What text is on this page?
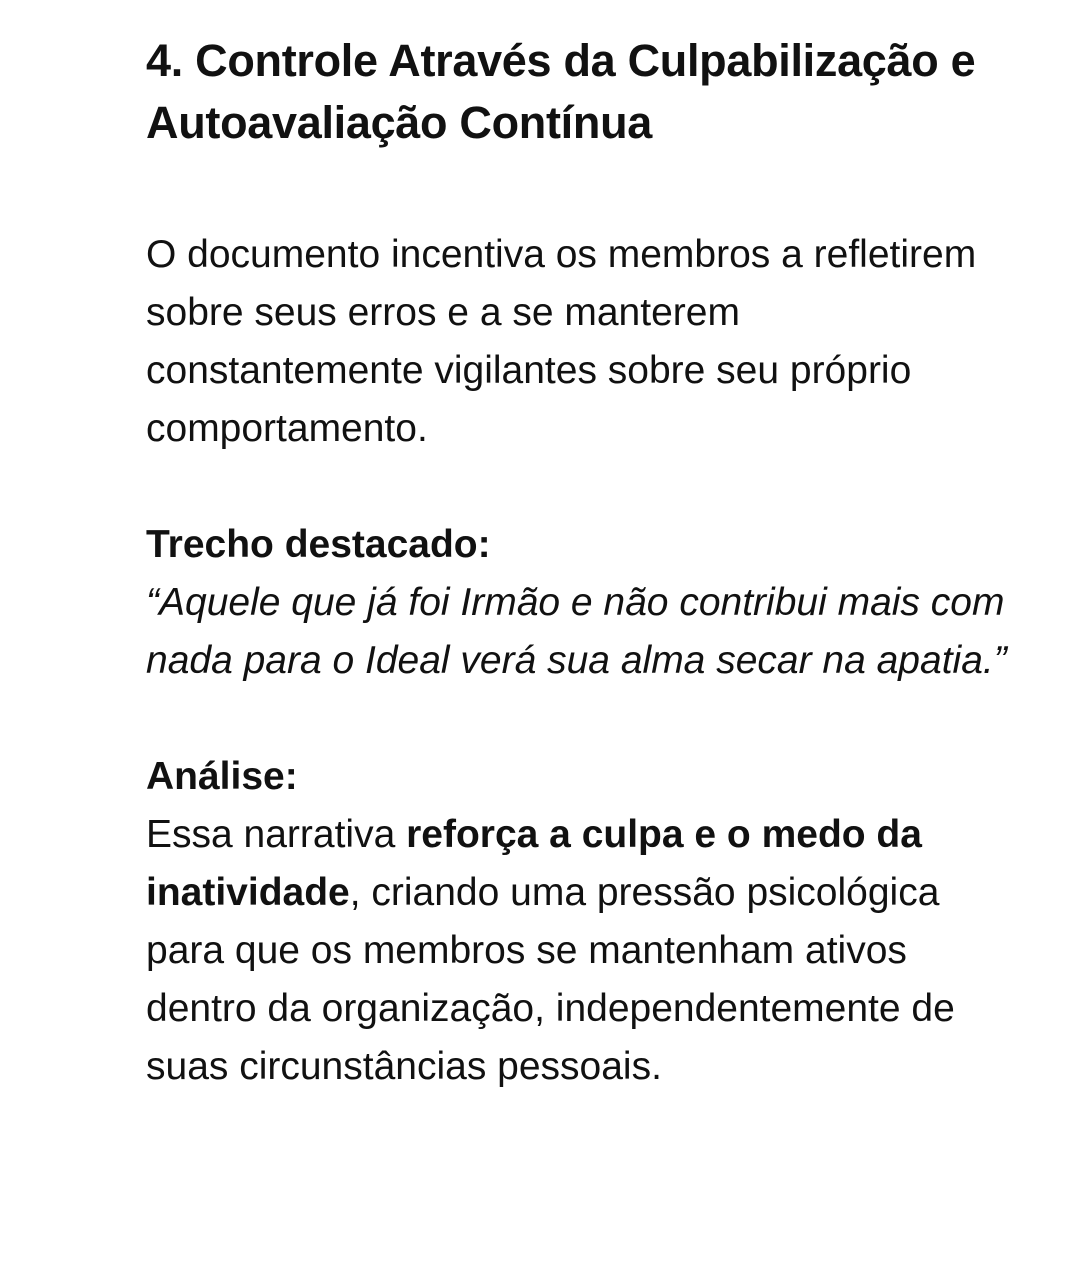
4. Controle Através da Culpabilização e Autoavaliação Contínua

O documento incentiva os membros a refletirem sobre seus erros e a se manterem constantemente vigilantes sobre seu próprio comportamento.

Trecho destacado:
“Aquele que já foi Irmão e não contribui mais com nada para o Ideal verá sua alma secar na apatia.”
Análise:

Essa narrativa reforça a culpa e o medo da inatividade, criando uma pressão psicológica para que os membros se mantenham ativos dentro da organização, independentemente de suas circunstâncias pessoais.
